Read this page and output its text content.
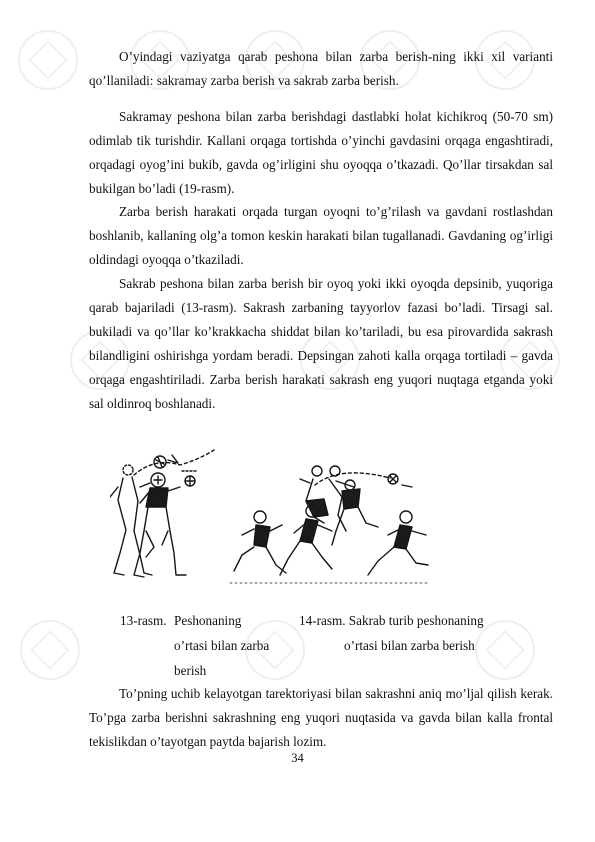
O’yindagi vaziyatga qarab peshona bilan zarba berish-ning ikki xil varianti qo’llaniladi: sakramay zarba berish va sakrab zarba berish.

Sakramay peshona bilan zarba berishdagi dastlabki holat kichikroq (50-70 sm) odimlab tik turishdir. Kallani orqaga tortishda o’yinchi gavdasini orqaga engashtiradi, orqadagi oyog’ini bukib, gavda og’irligini shu oyoqqa o’tkazadi. Qo’llar tirsakdan sal bukilgan bo’ladi (19-rasm).

Zarba berish harakati orqada turgan oyoqni to’g’rilash va gavdani rostlashdan boshlanib, kallaning olg’a tomon keskin harakati bilan tugallanadi. Gavdaning og’irligi oldindagi oyoqqa o’tkaziladi.

Sakrab peshona bilan zarba berish bir oyoq yoki ikki oyoqda depsinib, yuqoriga qarab bajariladi (13-rasm). Sakrash zarbaning tayyorlov fazasi bo’ladi. Tirsagi sal. bukiladi va qo’llar ko’krakkacha shiddat bilan ko’tariladi, bu esa pirovardida sakrash bilandligini oshirishga yordam beradi. Depsingan zahoti kalla orqaga tortiladi – gavda orqaga engashtiriladi. Zarba berish harakati sakrash eng yuqori nuqtaga etganda yoki sal oldinroq boshlanadi.

13-rasm. Peshonaning
o’rtasi bilan zarba
berish
14-rasm. Sakrab turib peshonaning
o’rtasi bilan zarba berish

To’pning uchib kelayotgan tarektoriyasi bilan sakrashni aniq mo’ljal qilish kerak. To’pga zarba berishni sakrashning eng yuqori nuqtasida va gavda bilan kalla frontal tekislikdan o’tayotgan paytda bajarish lozim.

34
